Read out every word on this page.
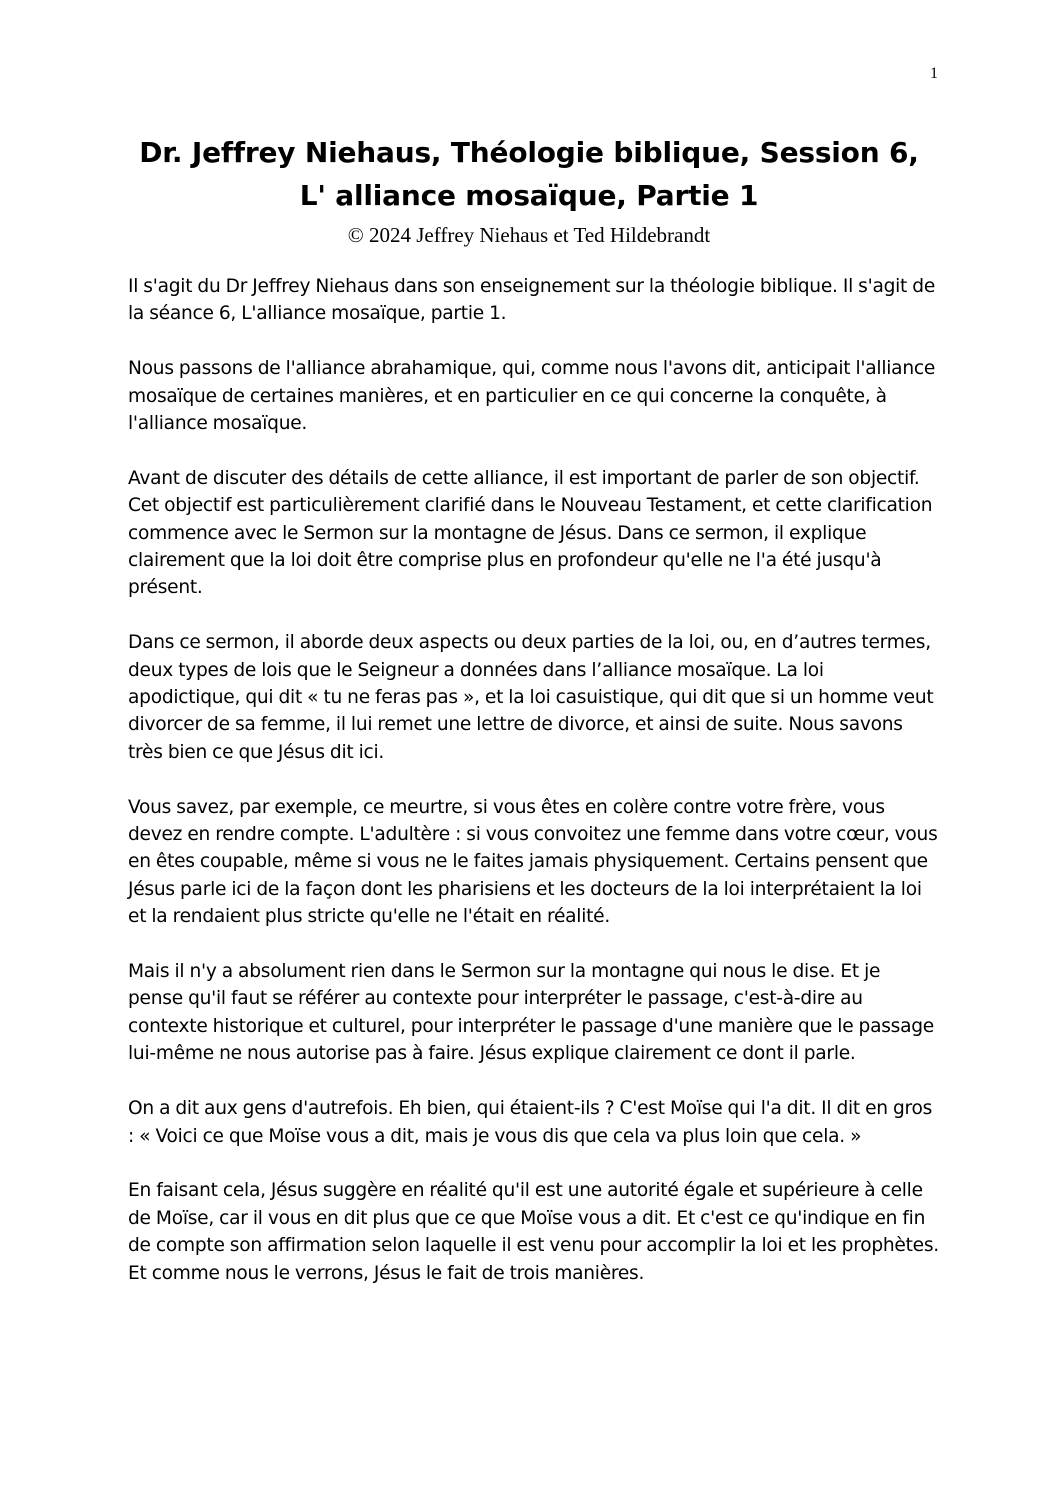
1
Dr. Jeffrey Niehaus, Théologie biblique, Session 6,
L' alliance mosaïque, Partie 1
© 2024 Jeffrey Niehaus et Ted Hildebrandt

Il s'agit du Dr Jeffrey Niehaus dans son enseignement sur la théologie biblique. Il s'agit de la séance 6, L'alliance mosaïque, partie 1.

Nous passons de l'alliance abrahamique, qui, comme nous l'avons dit, anticipait l'alliance mosaïque de certaines manières, et en particulier en ce qui concerne la conquête, à l'alliance mosaïque.

Avant de discuter des détails de cette alliance, il est important de parler de son objectif. Cet objectif est particulièrement clarifié dans le Nouveau Testament, et cette clarification commence avec le Sermon sur la montagne de Jésus. Dans ce sermon, il explique clairement que la loi doit être comprise plus en profondeur qu'elle ne l'a été jusqu'à présent.

Dans ce sermon, il aborde deux aspects ou deux parties de la loi, ou, en d’autres termes, deux types de lois que le Seigneur a données dans l’alliance mosaïque. La loi apodictique, qui dit « tu ne feras pas », et la loi casuistique, qui dit que si un homme veut divorcer de sa femme, il lui remet une lettre de divorce, et ainsi de suite. Nous savons très bien ce que Jésus dit ici.

Vous savez, par exemple, ce meurtre, si vous êtes en colère contre votre frère, vous devez en rendre compte. L'adultère : si vous convoitez une femme dans votre cœur, vous en êtes coupable, même si vous ne le faites jamais physiquement. Certains pensent que Jésus parle ici de la façon dont les pharisiens et les docteurs de la loi interprétaient la loi et la rendaient plus stricte qu'elle ne l'était en réalité.

Mais il n'y a absolument rien dans le Sermon sur la montagne qui nous le dise. Et je pense qu'il faut se référer au contexte pour interpréter le passage, c'est-à-dire au contexte historique et culturel, pour interpréter le passage d'une manière que le passage lui-même ne nous autorise pas à faire. Jésus explique clairement ce dont il parle.

On a dit aux gens d'autrefois. Eh bien, qui étaient-ils ? C'est Moïse qui l'a dit. Il dit en gros : « Voici ce que Moïse vous a dit, mais je vous dis que cela va plus loin que cela. »

En faisant cela, Jésus suggère en réalité qu'il est une autorité égale et supérieure à celle de Moïse, car il vous en dit plus que ce que Moïse vous a dit. Et c'est ce qu'indique en fin de compte son affirmation selon laquelle il est venu pour accomplir la loi et les prophètes. Et comme nous le verrons, Jésus le fait de trois manières.
